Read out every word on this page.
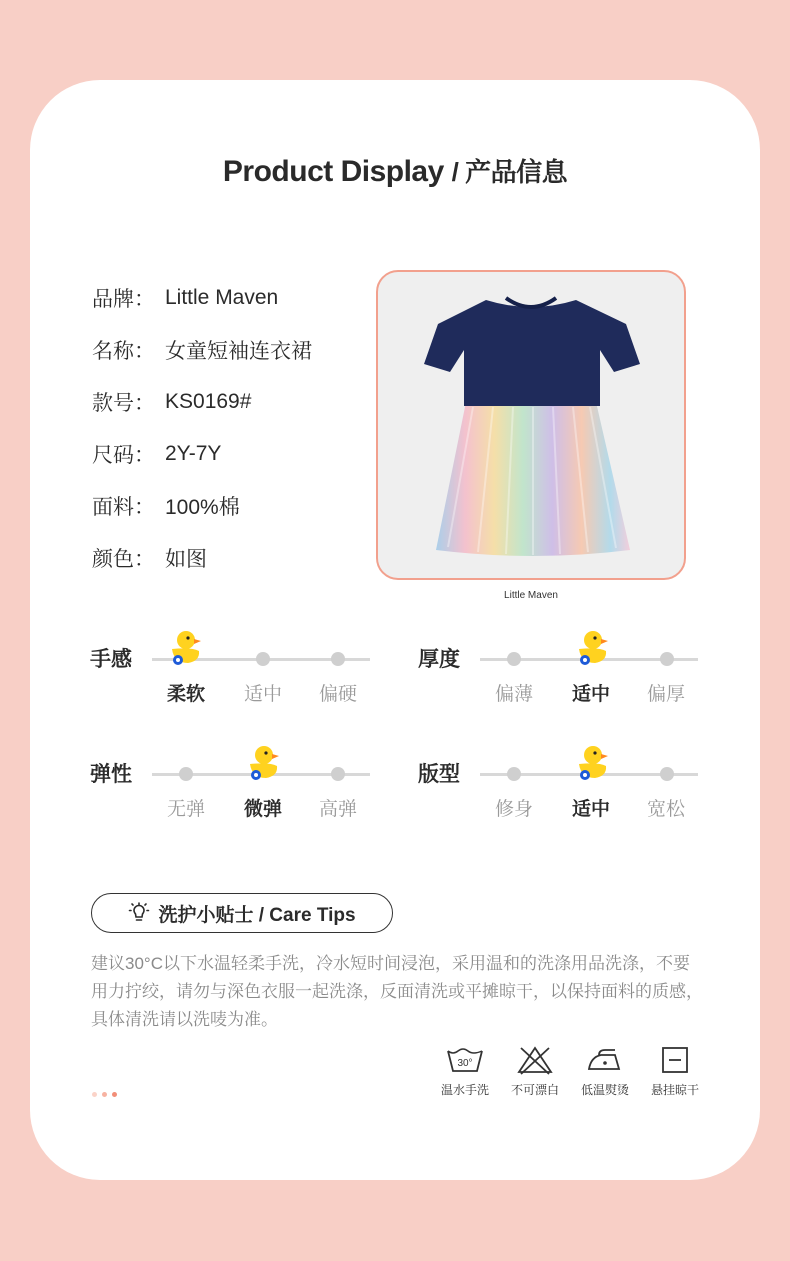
Product Display / 产品信息
品牌： Little Maven
名称： 女童短袖连衣裙
款号： KS0169#
尺码： 2Y-7Y
面料： 100%棉
颜色： 如图
Little Maven
手感
柔软	适中	偏硬
厚度
偏薄	适中	偏厚
弹性
无弹	微弹	高弹
版型
修身	适中	宽松
洗护小贴士 / Care Tips
建议30°C以下水温轻柔手洗，冷水短时间浸泡，采用温和的洗涤用品洗涤，不要用力拧绞，请勿与深色衣服一起洗涤，反面清洗或平摊晾干，以保持面料的质感，具体清洗请以洗唛为准。
30°
温水手洗	不可漂白	低温熨烫	悬挂晾干
